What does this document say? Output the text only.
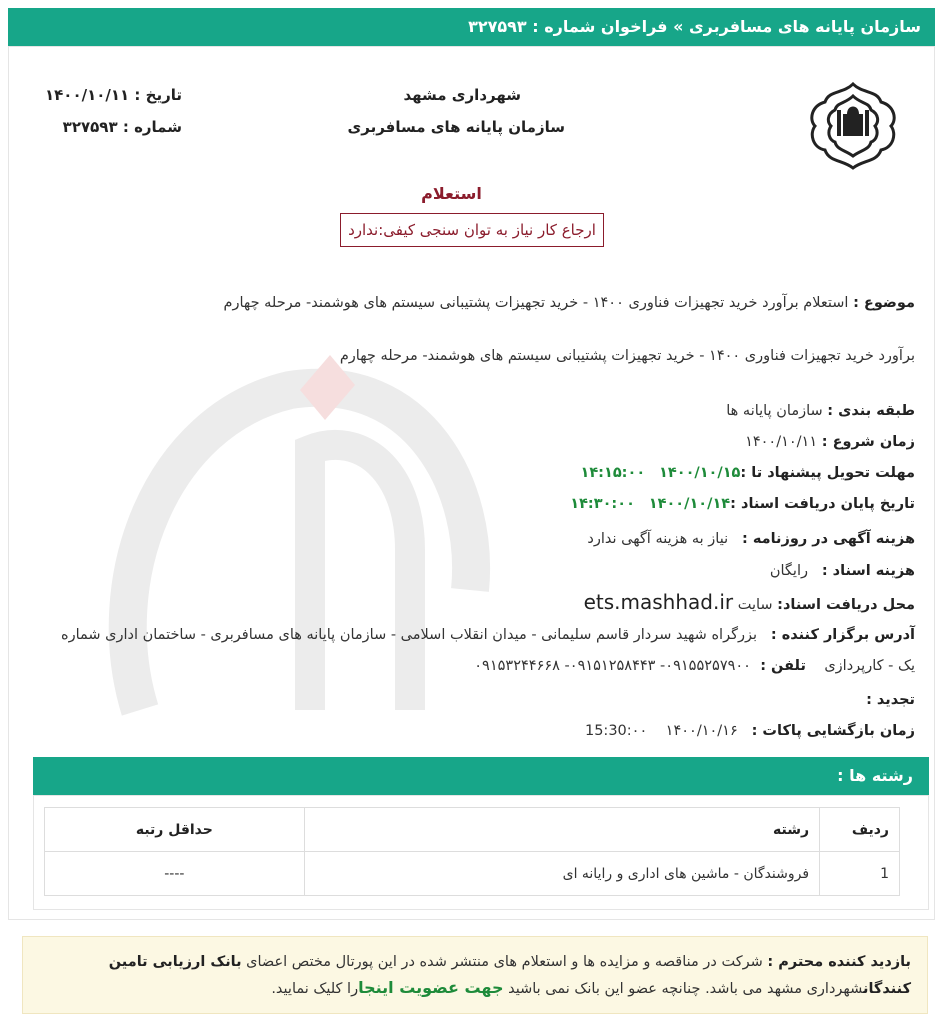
سازمان پایانه های مسافربری » فراخوان شماره : ۳۲۷۵۹۳
شهرداری مشهد
سازمان پایانه های مسافربری
تاریخ : ۱۴۰۰/۱۰/۱۱
شماره : ۳۲۷۵۹۳
استعلام
ارجاع کار نیاز به توان سنجی کیفی:ندارد
موضوع : استعلام برآورد خرید تجهیزات فناوری ۱۴۰۰ - خرید تجهیزات پشتیبانی سیستم های هوشمند- مرحله چهارم
برآورد خرید تجهیزات فناوری ۱۴۰۰ - خرید تجهیزات پشتیبانی سیستم های هوشمند- مرحله چهارم
طبقه بندی : سازمان پایانه ها
زمان شروع : ۱۴۰۰/۱۰/۱۱
مهلت تحویل پیشنهاد تا :۱۴۰۰/۱۰/۱۵   ۱۴:۱۵:۰۰
تاریخ پایان دریافت اسناد :۱۴۰۰/۱۰/۱۴   ۱۴:۳۰:۰۰
هزینه آگهی در روزنامه :   نیاز به هزینه آگهی ندارد
هزینه اسناد :   رایگان
محل دریافت اسناد: سایت ets.mashhad.ir
آدرس برگزار کننده :   بزرگراه شهید سردار قاسم سلیمانی - میدان انقلاب اسلامی - سازمان پایانه های مسافربری - ساختمان اداری شماره
یک - کارپردازی    تلفن :  ۰۹۱۵۵۲۵۷۹۰۰- ۰۹۱۵۱۲۵۸۴۴۳- ۰۹۱۵۳۲۴۴۶۶۸
تجدید :
زمان بازگشایی پاکات :   ۱۴۰۰/۱۰/۱۶    15:30:۰۰
رشته ها :
ردیف	رشته	حداقل رتبه
1	فروشندگان - ماشین های اداری و رایانه ای	----
بازدید کننده محترم : شرکت در مناقصه و مزایده ها و استعلام های منتشر شده در این پورتال مختص اعضای بانک ارزیابی تامین کنندگانشهرداری مشهد می باشد. چنانچه عضو این بانک نمی باشید جهت عضویت اینجارا کلیک نمایید.
